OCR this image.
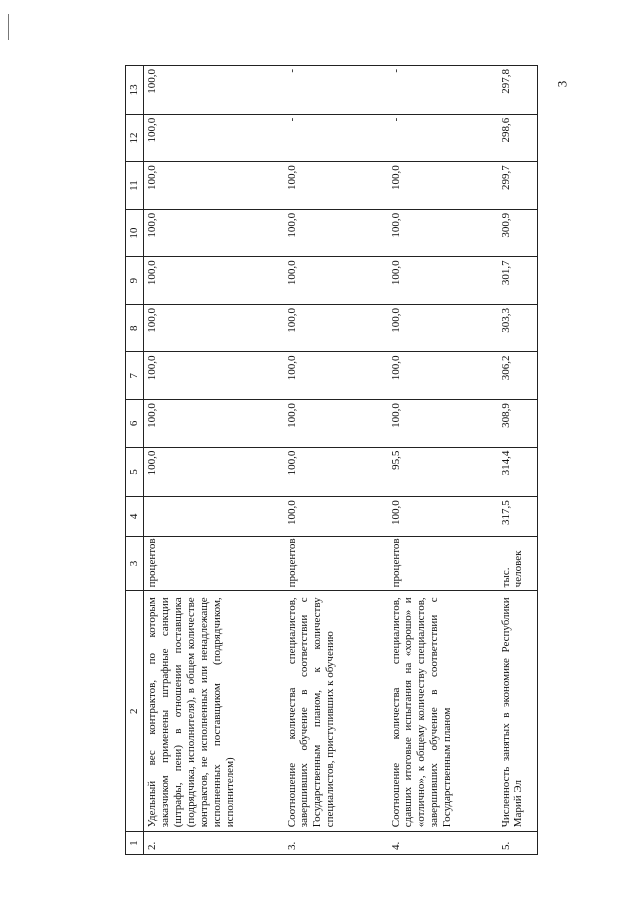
3
1	2	3	4	5	6	7	8	9	10	11	12	13
2.	Удельный вес контрактов, по которым заказчиком применены штрафные санкции (штрафы, пени) в отношении поставщика (подрядчика, исполнителя), в общем количестве контрактов, не исполненных или ненадлежаще исполненных поставщиком (подрядчиком, исполнителем)	процентов		100,0	100,0	100,0	100,0	100,0	100,0	100,0	100,0	100,0
3.	Соотношение количества специалистов, завершивших обучение в соответствии с Государственным планом, к количеству специалистов, приступивших к обучению	процентов	100,0	100,0	100,0	100,0	100,0	100,0	100,0	100,0	-	-
4.	Соотношение количества специалистов, сдавших итоговые испытания на «хорошо» и «отлично», к общему количеству специалистов, завершивших обучение в соответствии с Государственным планом	процентов	100,0	95,5	100,0	100,0	100,0	100,0	100,0	100,0	-	-
5.	Численность занятых в экономике Республики Марий Эл	тыс. человек	317,5	314,4	308,9	306,2	303,3	301,7	300,9	299,7	298,6	297,8
